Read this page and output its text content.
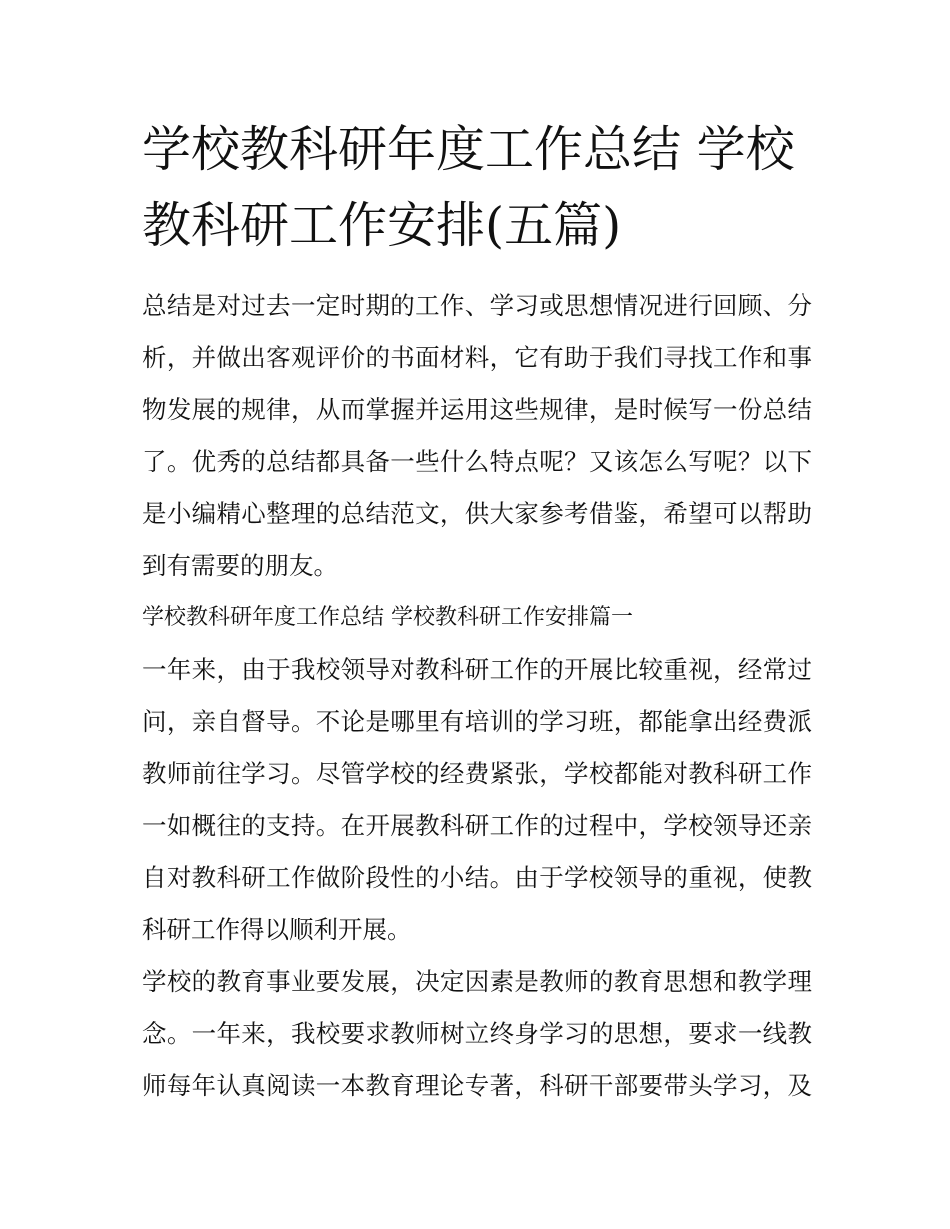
学校教科研年度工作总结 学校
教科研工作安排(五篇)

总结是对过去一定时期的工作、学习或思想情况进行回顾、分
析，并做出客观评价的书面材料，它有助于我们寻找工作和事
物发展的规律，从而掌握并运用这些规律，是时候写一份总结
了。优秀的总结都具备一些什么特点呢？又该怎么写呢？以下
是小编精心整理的总结范文，供大家参考借鉴，希望可以帮助
到有需要的朋友。

学校教科研年度工作总结 学校教科研工作安排篇一

一年来，由于我校领导对教科研工作的开展比较重视，经常过
问，亲自督导。不论是哪里有培训的学习班，都能拿出经费派
教师前往学习。尽管学校的经费紧张，学校都能对教科研工作
一如概往的支持。在开展教科研工作的过程中，学校领导还亲
自对教科研工作做阶段性的小结。由于学校领导的重视，使教
科研工作得以顺利开展。

学校的教育事业要发展，决定因素是教师的教育思想和教学理
念。一年来，我校要求教师树立终身学习的思想，要求一线教
师每年认真阅读一本教育理论专著，科研干部要带头学习，及
